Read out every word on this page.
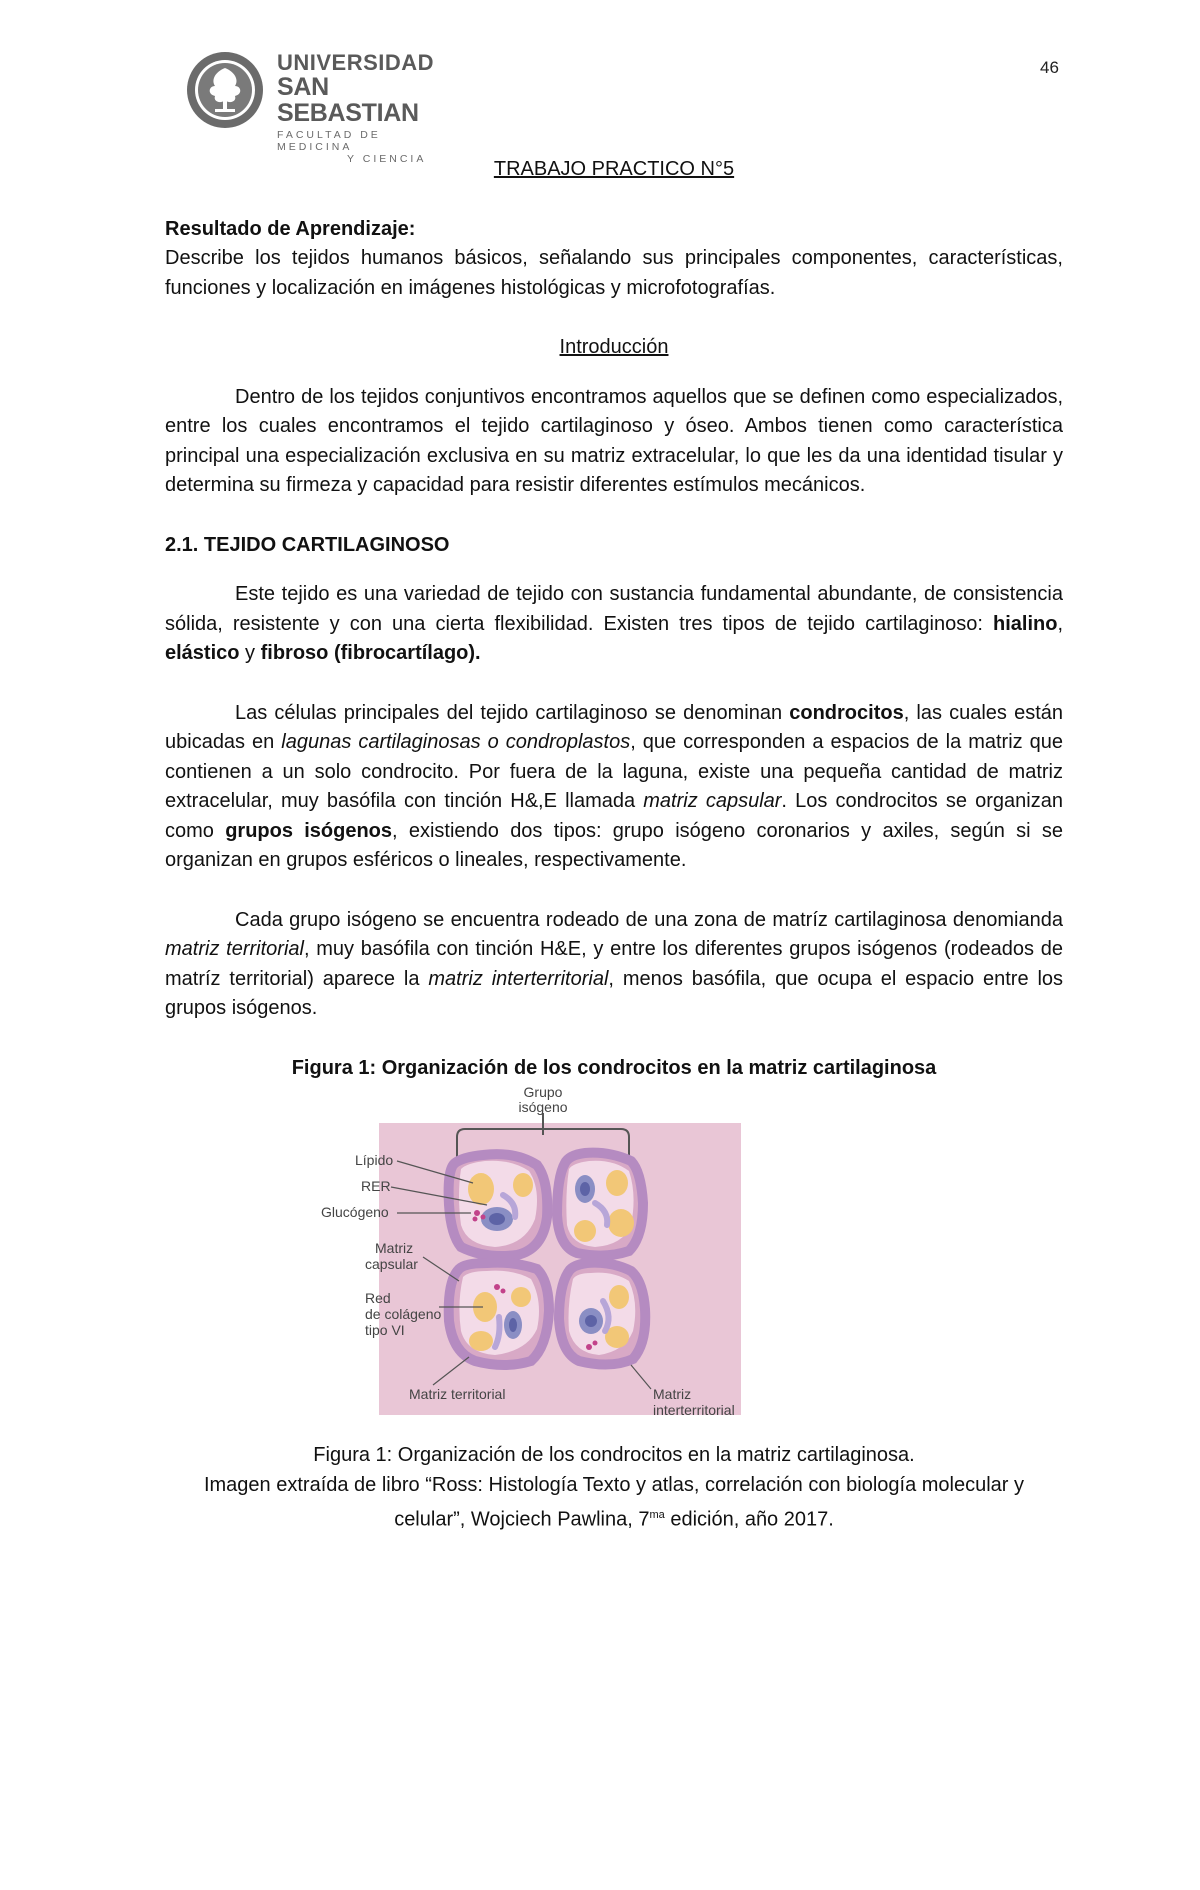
UNIVERSIDAD
SAN SEBASTIAN
FACULTAD DE MEDICINA
Y CIENCIA
46

TRABAJO PRACTICO N°5

Resultado de Aprendizaje:

Describe los tejidos humanos básicos, señalando sus principales componentes, características, funciones y localización en imágenes histológicas y microfotografías.

Introducción

Dentro de los tejidos conjuntivos encontramos aquellos que se definen como especializados, entre los cuales encontramos el tejido cartilaginoso y óseo. Ambos tienen como característica principal una especialización exclusiva en su matriz extracelular, lo que les da una identidad tisular y determina su firmeza y capacidad para resistir diferentes estímulos mecánicos.

2.1. TEJIDO CARTILAGINOSO

Este tejido es una variedad de tejido con sustancia fundamental abundante, de consistencia sólida, resistente y con una cierta flexibilidad. Existen tres tipos de tejido cartilaginoso: hialino, elástico y fibroso (fibrocartílago).

Las células principales del tejido cartilaginoso se denominan condrocitos, las cuales están ubicadas en lagunas cartilaginosas o condroplastos, que corresponden a espacios de la matriz que contienen a un solo condrocito. Por fuera de la laguna, existe una pequeña cantidad de matriz extracelular, muy basófila con tinción H&,E llamada matriz capsular. Los condrocitos se organizan como grupos isógenos, existiendo dos tipos: grupo isógeno coronarios y axiles, según si se organizan en grupos esféricos o lineales, respectivamente.

Cada grupo isógeno se encuentra rodeado de una zona de matríz cartilaginosa denomianda matriz territorial, muy basófila con tinción H&E, y entre los diferentes grupos isógenos (rodeados de matríz territorial) aparece la matriz interterritorial, menos basófila, que ocupa el espacio entre los grupos isógenos.

Figura 1: Organización de los condrocitos en la matriz cartilaginosa

Grupo
isógeno
Lípido
RER
Glucógeno
Matriz
capsular
Red
de colágeno
tipo VI
Matriz territorial	Matriz
interterritorial

Figura 1: Organización de los condrocitos en la matriz cartilaginosa.

Imagen extraída de libro “Ross: Histología Texto y atlas, correlación con biología molecular y

celular”, Wojciech Pawlina, $7^{ma}$ edición, año 2017.
